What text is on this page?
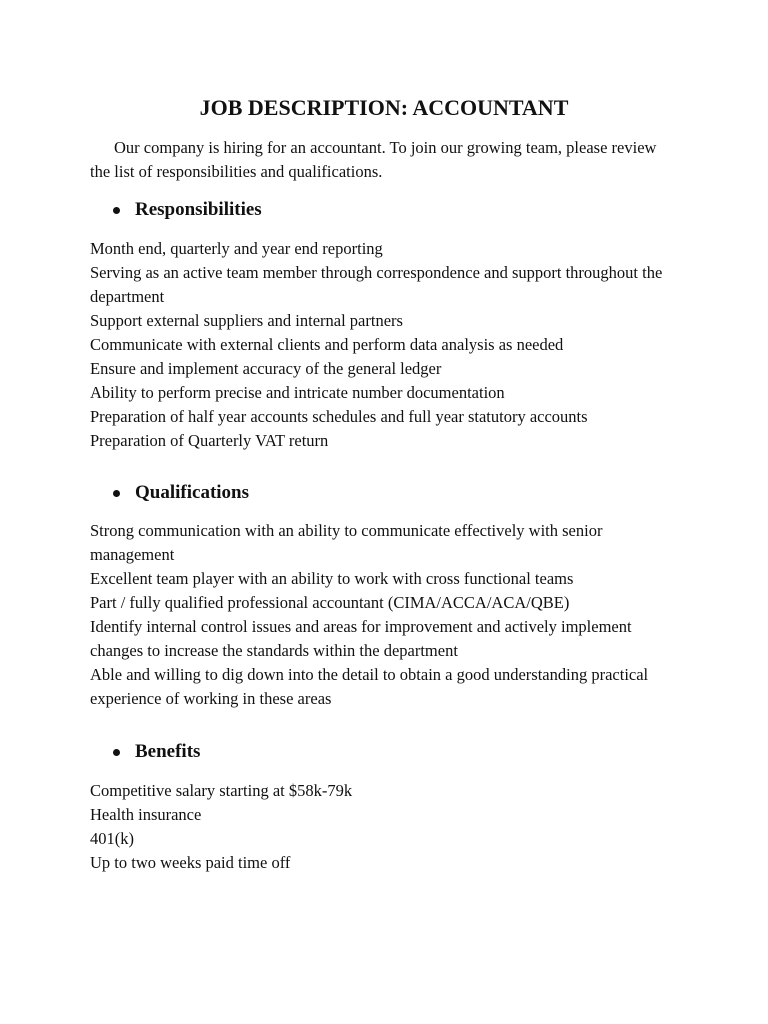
JOB DESCRIPTION: ACCOUNTANT

Our company is hiring for an accountant. To join our growing team, please review the list of responsibilities and qualifications.

Responsibilities
Month end, quarterly and year end reporting
Serving as an active team member through correspondence and support throughout the department
Support external suppliers and internal partners
Communicate with external clients and perform data analysis as needed
Ensure and implement accuracy of the general ledger
Ability to perform precise and intricate number documentation
Preparation of half year accounts schedules and full year statutory accounts
Preparation of Quarterly VAT return
Qualifications
Strong communication with an ability to communicate effectively with senior management
Excellent team player with an ability to work with cross functional teams
Part / fully qualified professional accountant (CIMA/ACCA/ACA/QBE)
Identify internal control issues and areas for improvement and actively implement changes to increase the standards within the department
Able and willing to dig down into the detail to obtain a good understanding practical experience of working in these areas
Benefits
Competitive salary starting at $58k-79k
Health insurance
401(k)
Up to two weeks paid time off
